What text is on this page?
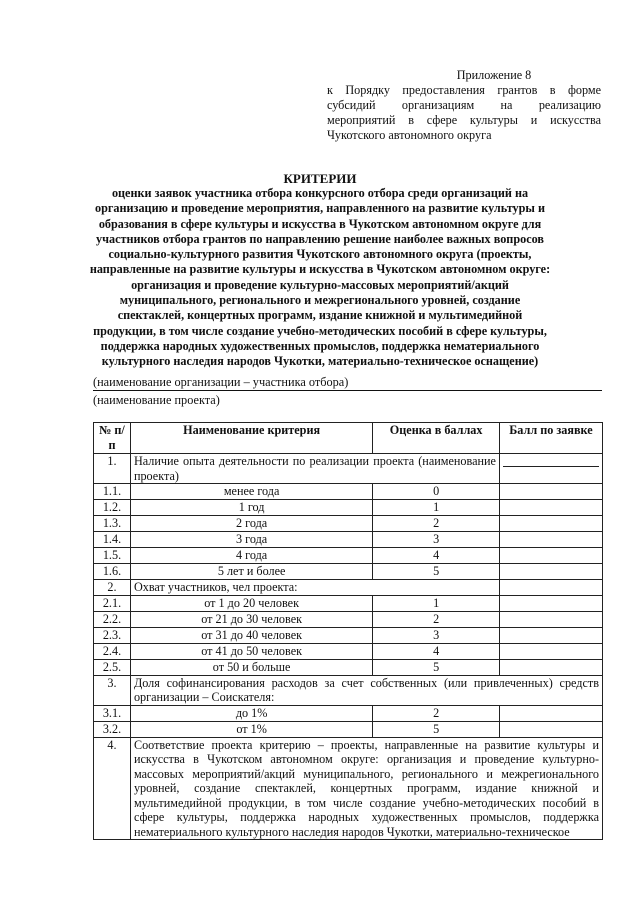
Приложение 8
к Порядку предоставления грантов в форме субсидий организациям на реализацию мероприятий в сфере культуры и искусства Чукотского автономного округа
КРИТЕРИИ
оценки заявок участника отбора конкурсного отбора среди организаций на организацию и проведение мероприятия, направленного на развитие культуры и образования в сфере культуры и искусства в Чукотском автономном округе для участников отбора грантов по направлению решение наиболее важных вопросов социально-культурного развития Чукотского автономного округа (проекты, направленные на развитие культуры и искусства в Чукотском автономном округе: организация и проведение культурно-массовых мероприятий/акций муниципального, регионального и межрегионального уровней, создание спектаклей, концертных программ, издание книжной и мультимедийной продукции, в том числе создание учебно-методических пособий в сфере культуры, поддержка народных художественных промыслов, поддержка нематериального культурного наследия народов Чукотки, материально-техническое оснащение)
(наименование организации – участника отбора)
(наименование проекта)
№ п/п	Наименование критерия	Оценка в баллах	Балл по заявке
1.	Наличие опыта деятельности по реализации проекта (наименование проекта)		
1.1.	менее года	0	
1.2.	1 год	1	
1.3.	2 года	2	
1.4.	3 года	3	
1.5.	4 года	4	
1.6.	5 лет и более	5	
2.	Охват участников, чел проекта:		
2.1.	от 1 до 20 человек	1	
2.2.	от 21 до 30 человек	2	
2.3.	от 31 до 40 человек	3	
2.4.	от 41 до 50 человек	4	
2.5.	от 50 и больше	5	
3.	Доля софинансирования расходов за счет собственных (или привлеченных) средств организации – Соискателя:		
3.1.	до 1%	2	
3.2.	от 1%	5	
4.	Соответствие проекта критерию – проекты, направленные на развитие культуры и искусства в Чукотском автономном округе: организация и проведение культурно-массовых мероприятий/акций муниципального, регионального и межрегионального уровней, создание спектаклей, концертных программ, издание книжной и мультимедийной продукции, в том числе создание учебно-методических пособий в сфере культуры, поддержка народных художественных промыслов, поддержка нематериального культурного наследия народов Чукотки, материально-техническое		
